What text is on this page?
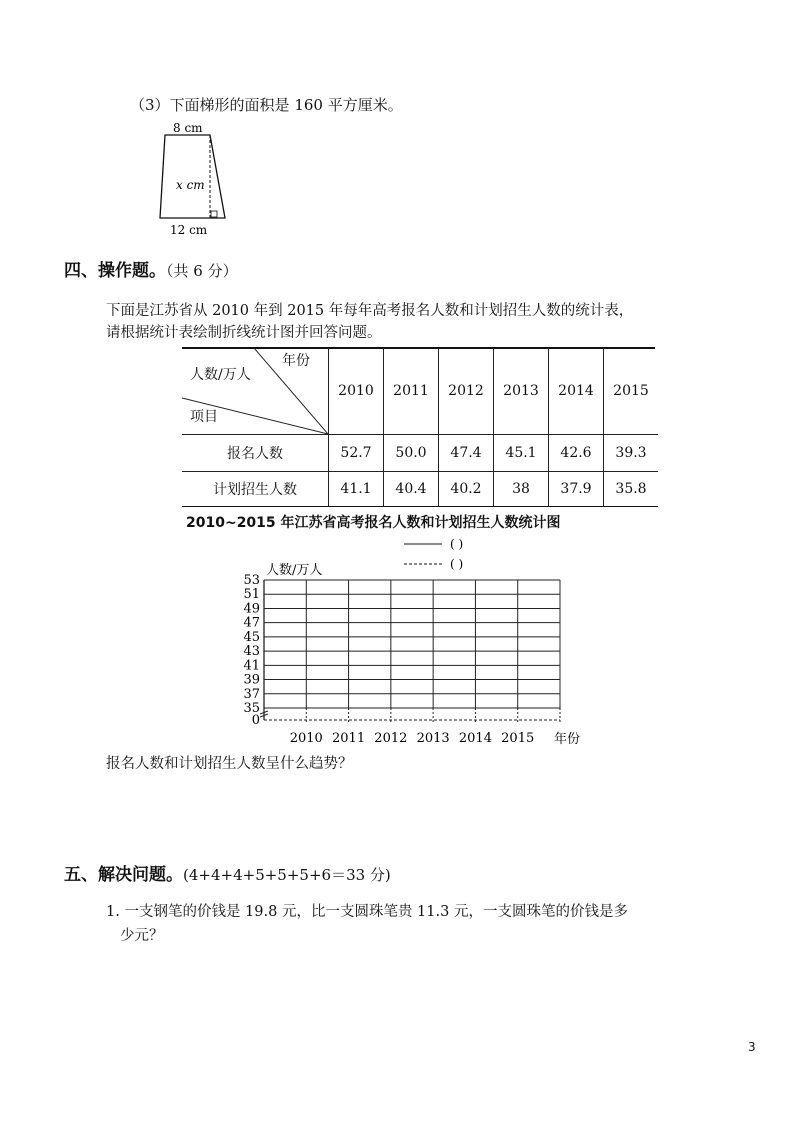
（3）下面梯形的面积是 160 平方厘米。
8 cm
x cm
12 cm
四、操作题。（共 6 分）
下面是江苏省从 2010 年到 2015 年每年高考报名人数和计划招生人数的统计表，
请根据统计表绘制折线统计图并回答问题。
年份
人数/万人
项目	2010	2011	2012	2013	2014	2015
报名人数	52.7	50.0	47.4	45.1	42.6	39.3
计划招生人数	41.1	40.4	40.2	38	37.9	35.8
2010~2015 年江苏省高考报名人数和计划招生人数统计图
( )
( )
人数/万人
35
37
39
41
43
45
47
49
51
53
0
2010 2011 2012 2013 2014 2015 年份
报名人数和计划招生人数呈什么趋势？
五、解决问题。(4+4+4+5+5+5+6＝33 分)
1. 一支钢笔的价钱是 19.8 元，比一支圆珠笔贵 11.3 元，一支圆珠笔的价钱是多
少元？
3
